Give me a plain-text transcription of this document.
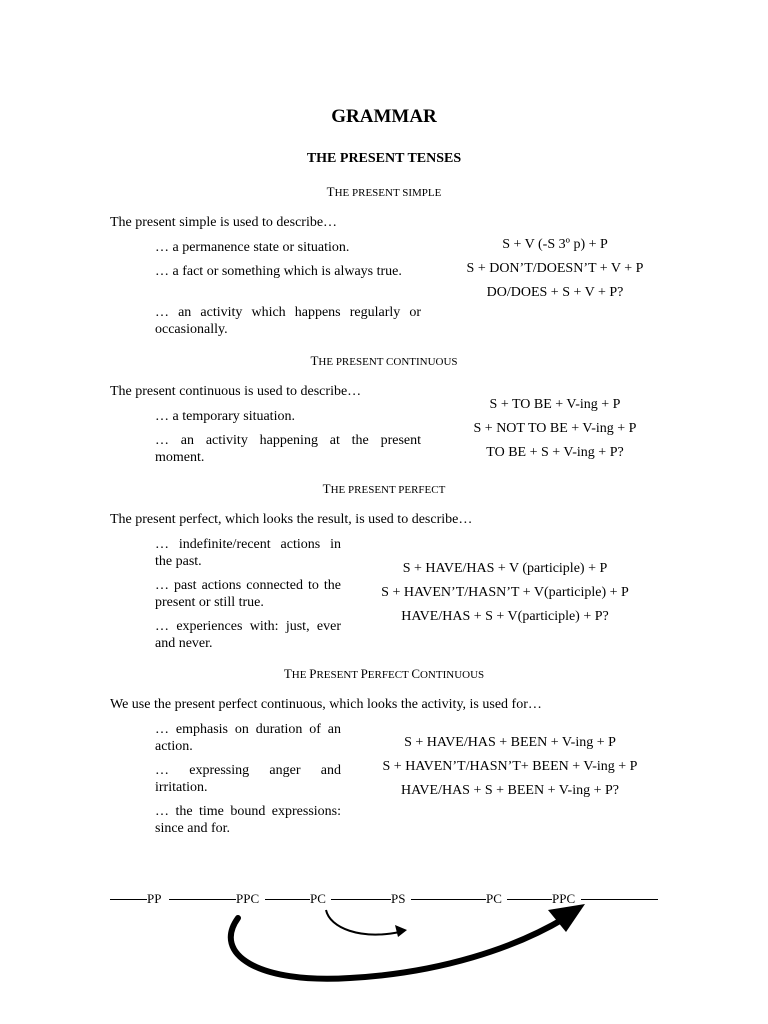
GRAMMAR
THE PRESENT TENSES
THE PRESENT SIMPLE
The present simple is used to describe…
… a permanence state or situation.
… a fact or something which is always true.
… an activity which happens regularly or occasionally.
S + V (-S 3º p) + P
S + DON’T/DOESN’T + V + P
DO/DOES + S + V + P?
THE PRESENT CONTINUOUS
The present continuous is used to describe…
… a temporary situation.
… an activity happening at the present moment.
S + TO BE + V-ing + P
S + NOT TO BE + V-ing + P
TO BE + S + V-ing + P?
THE PRESENT PERFECT
The present perfect, which looks the result, is used to describe…
… indefinite/recent actions in the past.
… past actions connected to the present or still true.
… experiences with: just, ever and never.
S + HAVE/HAS + V (participle) + P
S + HAVEN’T/HASN’T + V(participle) + P
HAVE/HAS + S + V(participle) + P?
THE PRESENT PERFECT CONTINUOUS
We use the present perfect continuous, which looks the activity, is used for…
… emphasis on duration of an action.
… expressing anger and irritation.
… the time bound expressions: since and for.
S + HAVE/HAS + BEEN + V-ing + P
S + HAVEN’T/HASN’T+ BEEN + V-ing + P
HAVE/HAS + S + BEEN + V-ing + P?
PP	PPC	PC	PS	PC	PPC
